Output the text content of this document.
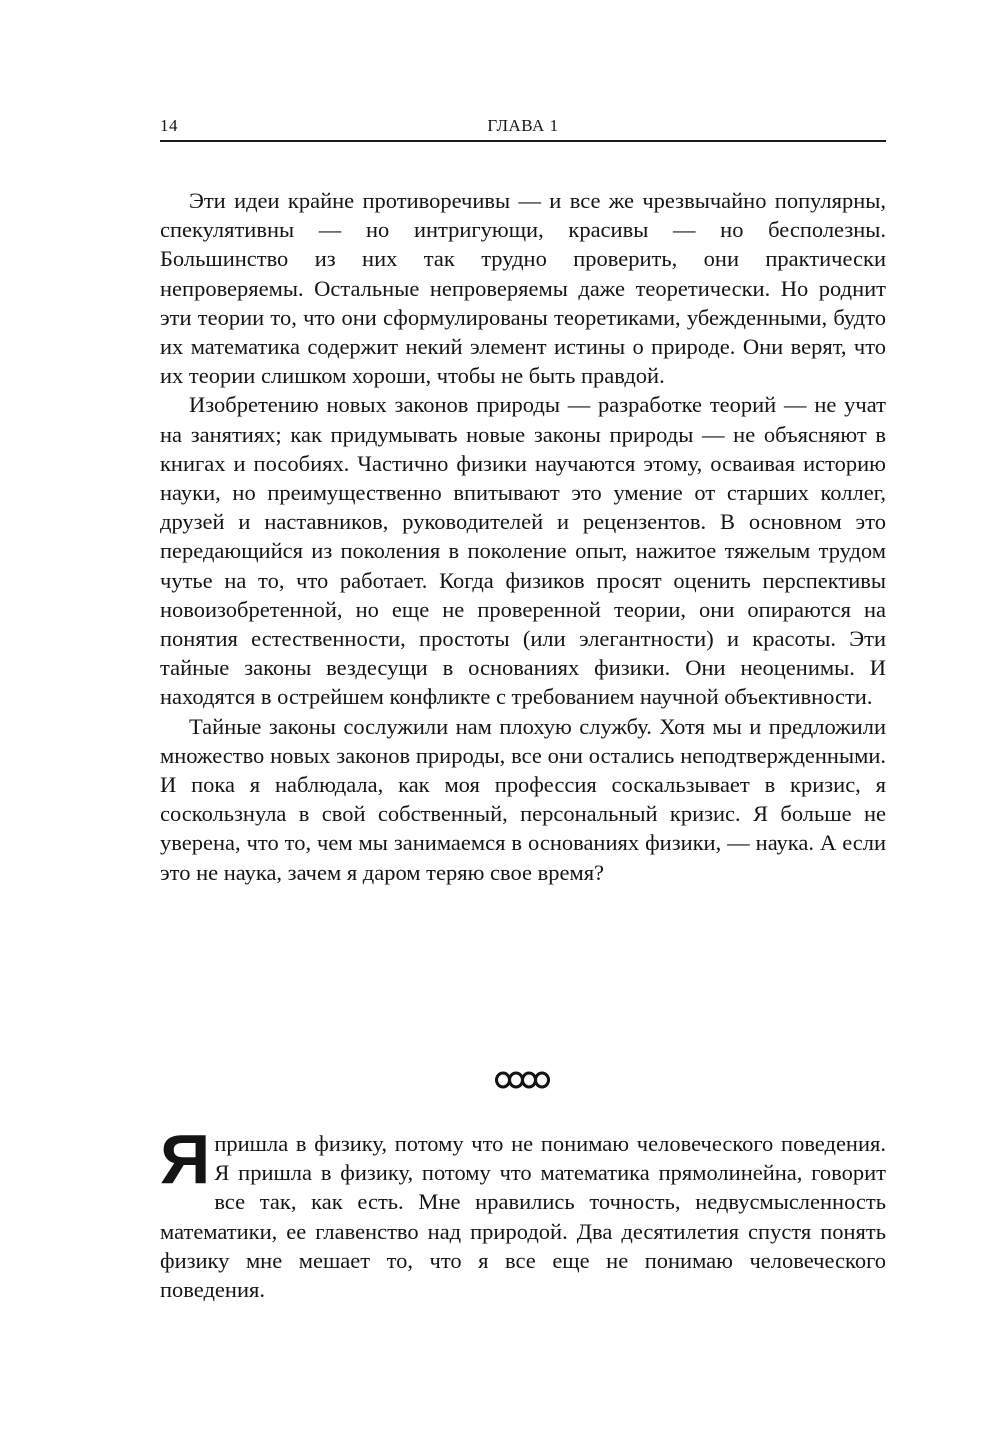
14	ГЛАВА 1

Эти идеи крайне противоречивы — и все же чрезвычайно популярны, спекулятивны — но интригующи, красивы — но бесполезны. Большинство из них так трудно проверить, они практически непроверяемы. Остальные непроверяемы даже теоретически. Но роднит эти теории то, что они сформулированы теоретиками, убежденными, будто их математика содержит некий элемент истины о природе. Они верят, что их теории слишком хороши, чтобы не быть правдой.

Изобретению новых законов природы — разработке теорий — не учат на занятиях; как придумывать новые законы природы — не объясняют в книгах и пособиях. Частично физики научаются этому, осваивая историю науки, но преимущественно впитывают это умение от старших коллег, друзей и наставников, руководителей и рецензентов. В основном это передающийся из поколения в поколение опыт, нажитое тяжелым трудом чутье на то, что работает. Когда физиков просят оценить перспективы новоизобретенной, но еще не проверенной теории, они опираются на понятия естественности, простоты (или элегантности) и красоты. Эти тайные законы вездесущи в основаниях физики. Они неоценимы. И находятся в острейшем конфликте с требованием научной объективности.

Тайные законы сослужили нам плохую службу. Хотя мы и предложили множество новых законов природы, все они остались неподтвержденными. И пока я наблюдала, как моя профессия соскальзывает в кризис, я соскользнула в свой собственный, персональный кризис. Я больше не уверена, что то, чем мы занимаемся в основаниях физики, — наука. А если это не наука, зачем я даром теряю свое время?

Я пришла в физику, потому что не понимаю человеческого поведения. Я пришла в физику, потому что математика прямолинейна, говорит все так, как есть. Мне нравились точность, недвусмысленность математики, ее главенство над природой. Два десятилетия спустя понять физику мне мешает то, что я все еще не понимаю человеческого поведения.
